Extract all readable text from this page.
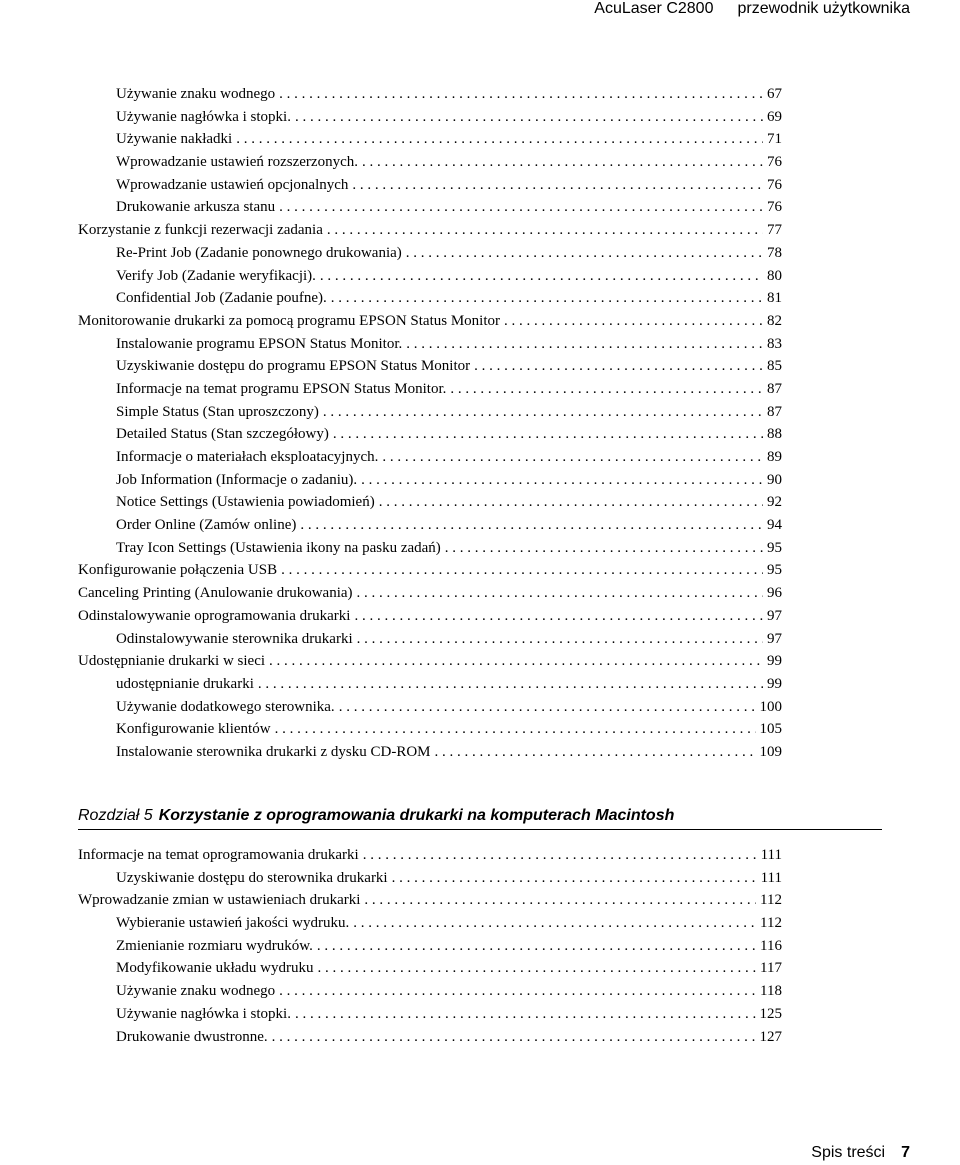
AcuLaser C2800 przewodnik użytkownika
Używanie znaku wodnego . . .	67
Używanie nagłówka i stopki. . . .	69
Używanie nakładki . . .	71
Wprowadzanie ustawień rozszerzonych. . . .	76
Wprowadzanie ustawień opcjonalnych . . .	76
Drukowanie arkusza stanu . . .	76
Korzystanie z funkcji rezerwacji zadania . . .	77
Re-Print Job (Zadanie ponownego drukowania) . . .	78
Verify Job (Zadanie weryfikacji). . . .	80
Confidential Job (Zadanie poufne). . . .	81
Monitorowanie drukarki za pomocą programu EPSON Status Monitor . . .	82
Instalowanie programu EPSON Status Monitor. . . .	83
Uzyskiwanie dostępu do programu EPSON Status Monitor . . .	85
Informacje na temat programu EPSON Status Monitor. . . .	87
Simple Status (Stan uproszczony) . . .	87
Detailed Status (Stan szczegółowy) . . .	88
Informacje o materiałach eksploatacyjnych. . . .	89
Job Information (Informacje o zadaniu). . . .	90
Notice Settings (Ustawienia powiadomień) . . .	92
Order Online (Zamów online) . . .	94
Tray Icon Settings (Ustawienia ikony na pasku zadań) . . .	95
Konfigurowanie połączenia USB . . .	95
Canceling Printing (Anulowanie drukowania) . . .	96
Odinstalowywanie oprogramowania drukarki . . .	97
Odinstalowywanie sterownika drukarki . . .	97
Udostępnianie drukarki w sieci . . .	99
udostępnianie drukarki . . .	99
Używanie dodatkowego sterownika. . . .	100
Konfigurowanie klientów . . .	105
Instalowanie sterownika drukarki z dysku CD-ROM . . .	109
Rozdział 5 Korzystanie z oprogramowania drukarki na komputerach Macintosh
Informacje na temat oprogramowania drukarki . . .	111
Uzyskiwanie dostępu do sterownika drukarki . . .	111
Wprowadzanie zmian w ustawieniach drukarki . . .	112
Wybieranie ustawień jakości wydruku. . . .	112
Zmienianie rozmiaru wydruków. . . .	116
Modyfikowanie układu wydruku . . .	117
Używanie znaku wodnego . . .	118
Używanie nagłówka i stopki. . . .	125
Drukowanie dwustronne. . . .	127
Spis treści 7
